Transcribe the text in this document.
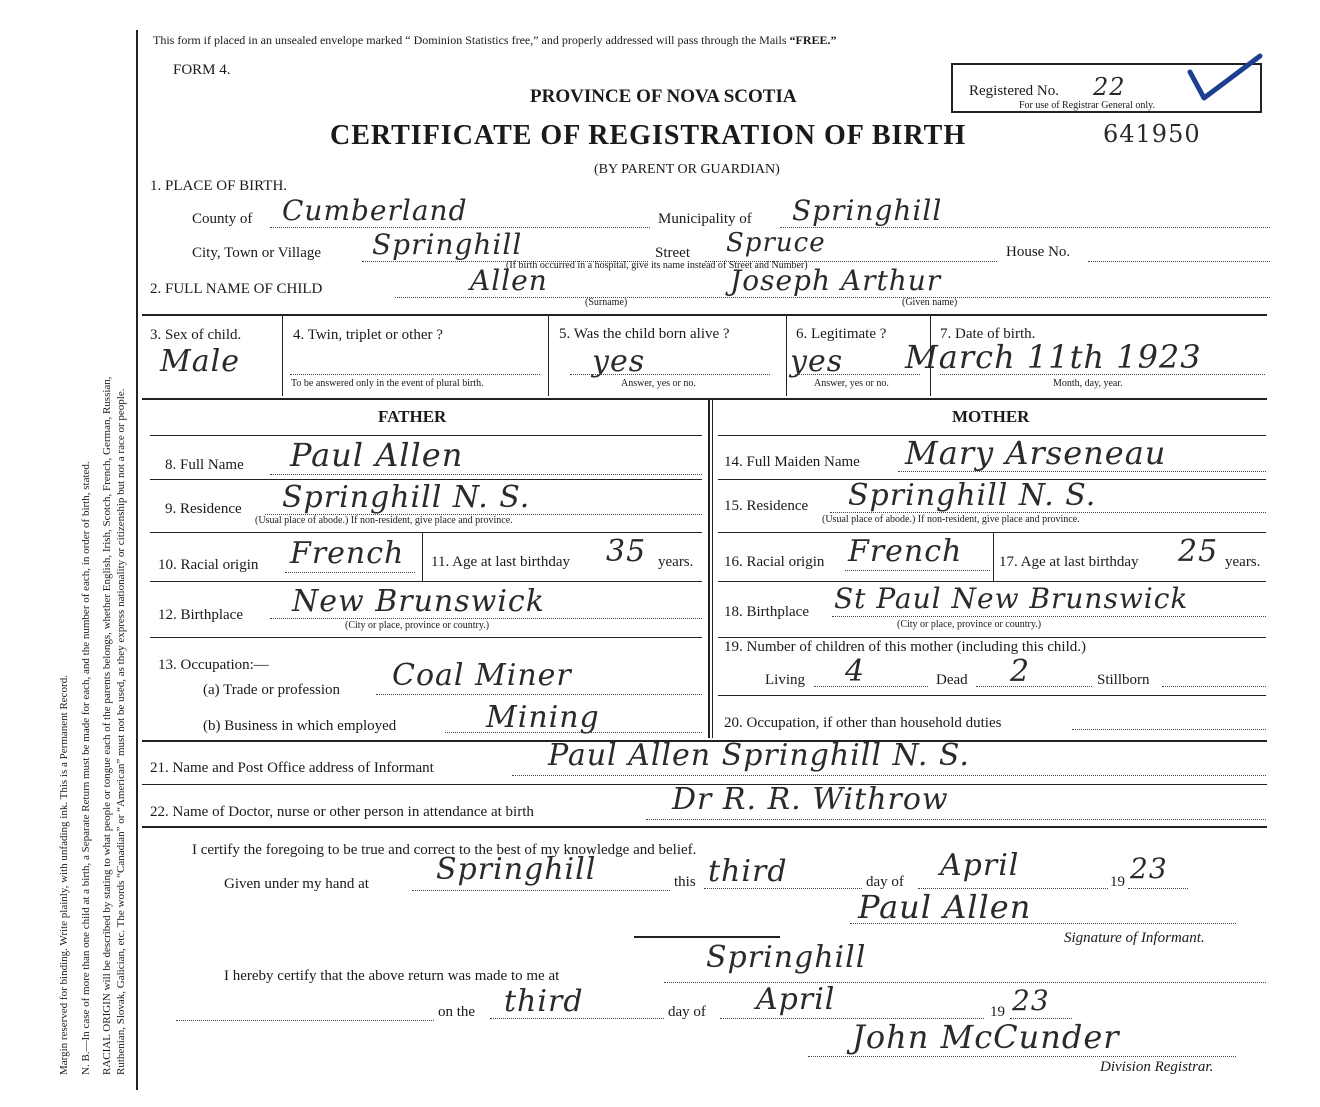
Margin reserved for binding. Write plainly, with unfading ink. This is a Permanent Record. N. B.—In case of more than one child at a birth, a Separate Return must be made for each, and the number of each, in order of birth, stated. RACIAL ORIGIN will be described by stating to what people or tongue each of the parents belongs, whether English, Irish, Scotch, French, German, Russian, Ruthenian, Slovak, Galician, etc. The words “Canadian” or “American” must not be used, as they express nationality or citizenship but not a race or people.
This form if placed in an unsealed envelope marked “ Dominion Statistics free,” and properly addressed will pass through the Mails “FREE.”
FORM 4.
PROVINCE OF NOVA SCOTIA
CERTIFICATE OF REGISTRATION OF BIRTH	641950
(BY PARENT OR GUARDIAN)
Registered No. 22
For use of Registrar General only.
1. PLACE OF BIRTH.
County of Cumberland	Municipality of Springhill
City, Town or Village Springhill	Street Spruce	House No.
(If birth occurred in a hospital, give its name instead of Street and Number)
2. FULL NAME OF CHILD	Allen	Joseph Arthur
(Surname)	(Given name)
3. Sex of child.
Male
4. Twin, triplet or other ?
To be answered only in the event of plural birth.
5. Was the child born alive ?
yes
Answer, yes or no.
6. Legitimate ?
yes
Answer, yes or no.
7. Date of birth.
March 11th 1923
Month, day, year.
FATHER	MOTHER
8. Full Name Paul Allen	14. Full Maiden Name Mary Arseneau
9. Residence Springhill N. S.
(Usual place of abode.) If non-resident, give place and province.
15. Residence Springhill N. S.
(Usual place of abode.) If non-resident, give place and province.
10. Racial origin French 11. Age at last birthday 35 years. 16. Racial origin French 17. Age at last birthday 25 years.
12. Birthplace New Brunswick
(City or place, province or country.)
18. Birthplace St Paul New Brunswick
(City or place, province or country.)
13. Occupation:—
(a) Trade or profession Coal Miner
(b) Business in which employed	Mining
19. Number of children of this mother (including this child.)
Living 4	Dead 2	Stillborn
20. Occupation, if other than household duties
21. Name and Post Office address of Informant	Paul Allen Springhill N. S.
22. Name of Doctor, nurse or other person in attendance at birth	Dr R. R. Withrow
I certify the foregoing to be true and correct to the best of my knowledge and belief.
Given under my hand at Springhill	this third	day of April	19 23
Paul Allen
Signature of Informant.
I hereby certify that the above return was made to me at
Springhill
on the third	day of April	19 23
John McCunder
Division Registrar.
